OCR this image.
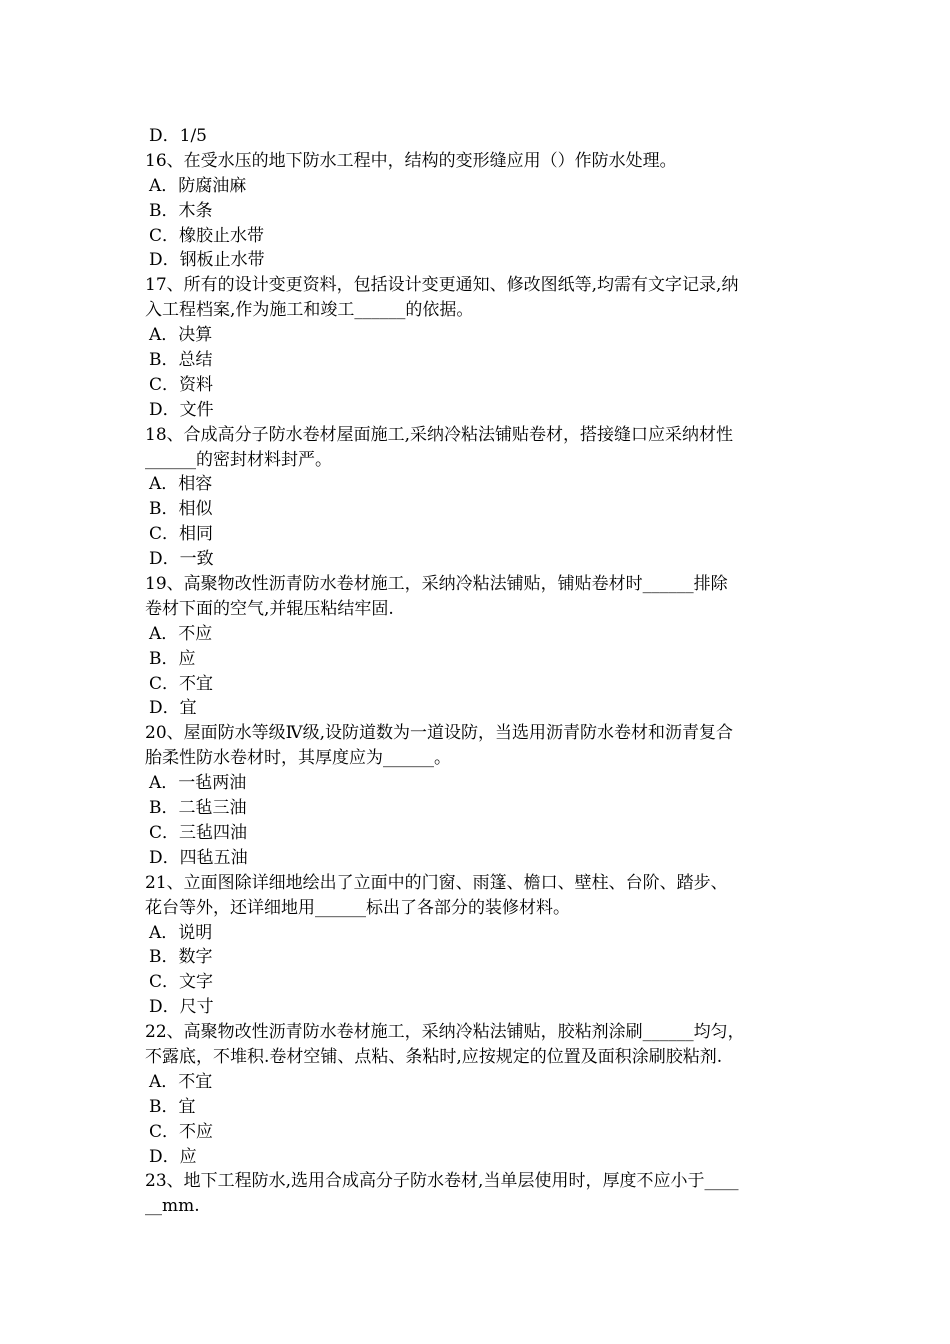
D．1/5
16、在受水压的地下防水工程中，结构的变形缝应用（）作防水处理。
A．防腐油麻
B．木条
C．橡胶止水带
D．钢板止水带
17、所有的设计变更资料，包括设计变更通知、修改图纸等,均需有文字记录,纳
入工程档案,作为施工和竣工______的依据。
A．决算
B．总结
C．资料
D．文件
18、合成高分子防水卷材屋面施工,采纳冷粘法铺贴卷材，搭接缝口应采纳材性
______的密封材料封严。
A．相容
B．相似
C．相同
D．一致
19、高聚物改性沥青防水卷材施工，采纳冷粘法铺贴，铺贴卷材时______排除
卷材下面的空气,并辊压粘结牢固.
A．不应
B．应
C．不宜
D．宜
20、屋面防水等级Ⅳ级,设防道数为一道设防，当选用沥青防水卷材和沥青复合
胎柔性防水卷材时，其厚度应为______。
A．一毡两油
B．二毡三油
C．三毡四油
D．四毡五油
21、立面图除详细地绘出了立面中的门窗、雨篷、檐口、壁柱、台阶、踏步、
花台等外，还详细地用______标出了各部分的装修材料。
A．说明
B．数字
C．文字
D．尺寸
22、高聚物改性沥青防水卷材施工，采纳冷粘法铺贴，胶粘剂涂刷______均匀，
不露底，不堆积.卷材空铺、点粘、条粘时,应按规定的位置及面积涂刷胶粘剂.
A．不宜
B．宜
C．不应
D．应
23、地下工程防水,选用合成高分子防水卷材,当单层使用时，厚度不应小于____
__mm.
